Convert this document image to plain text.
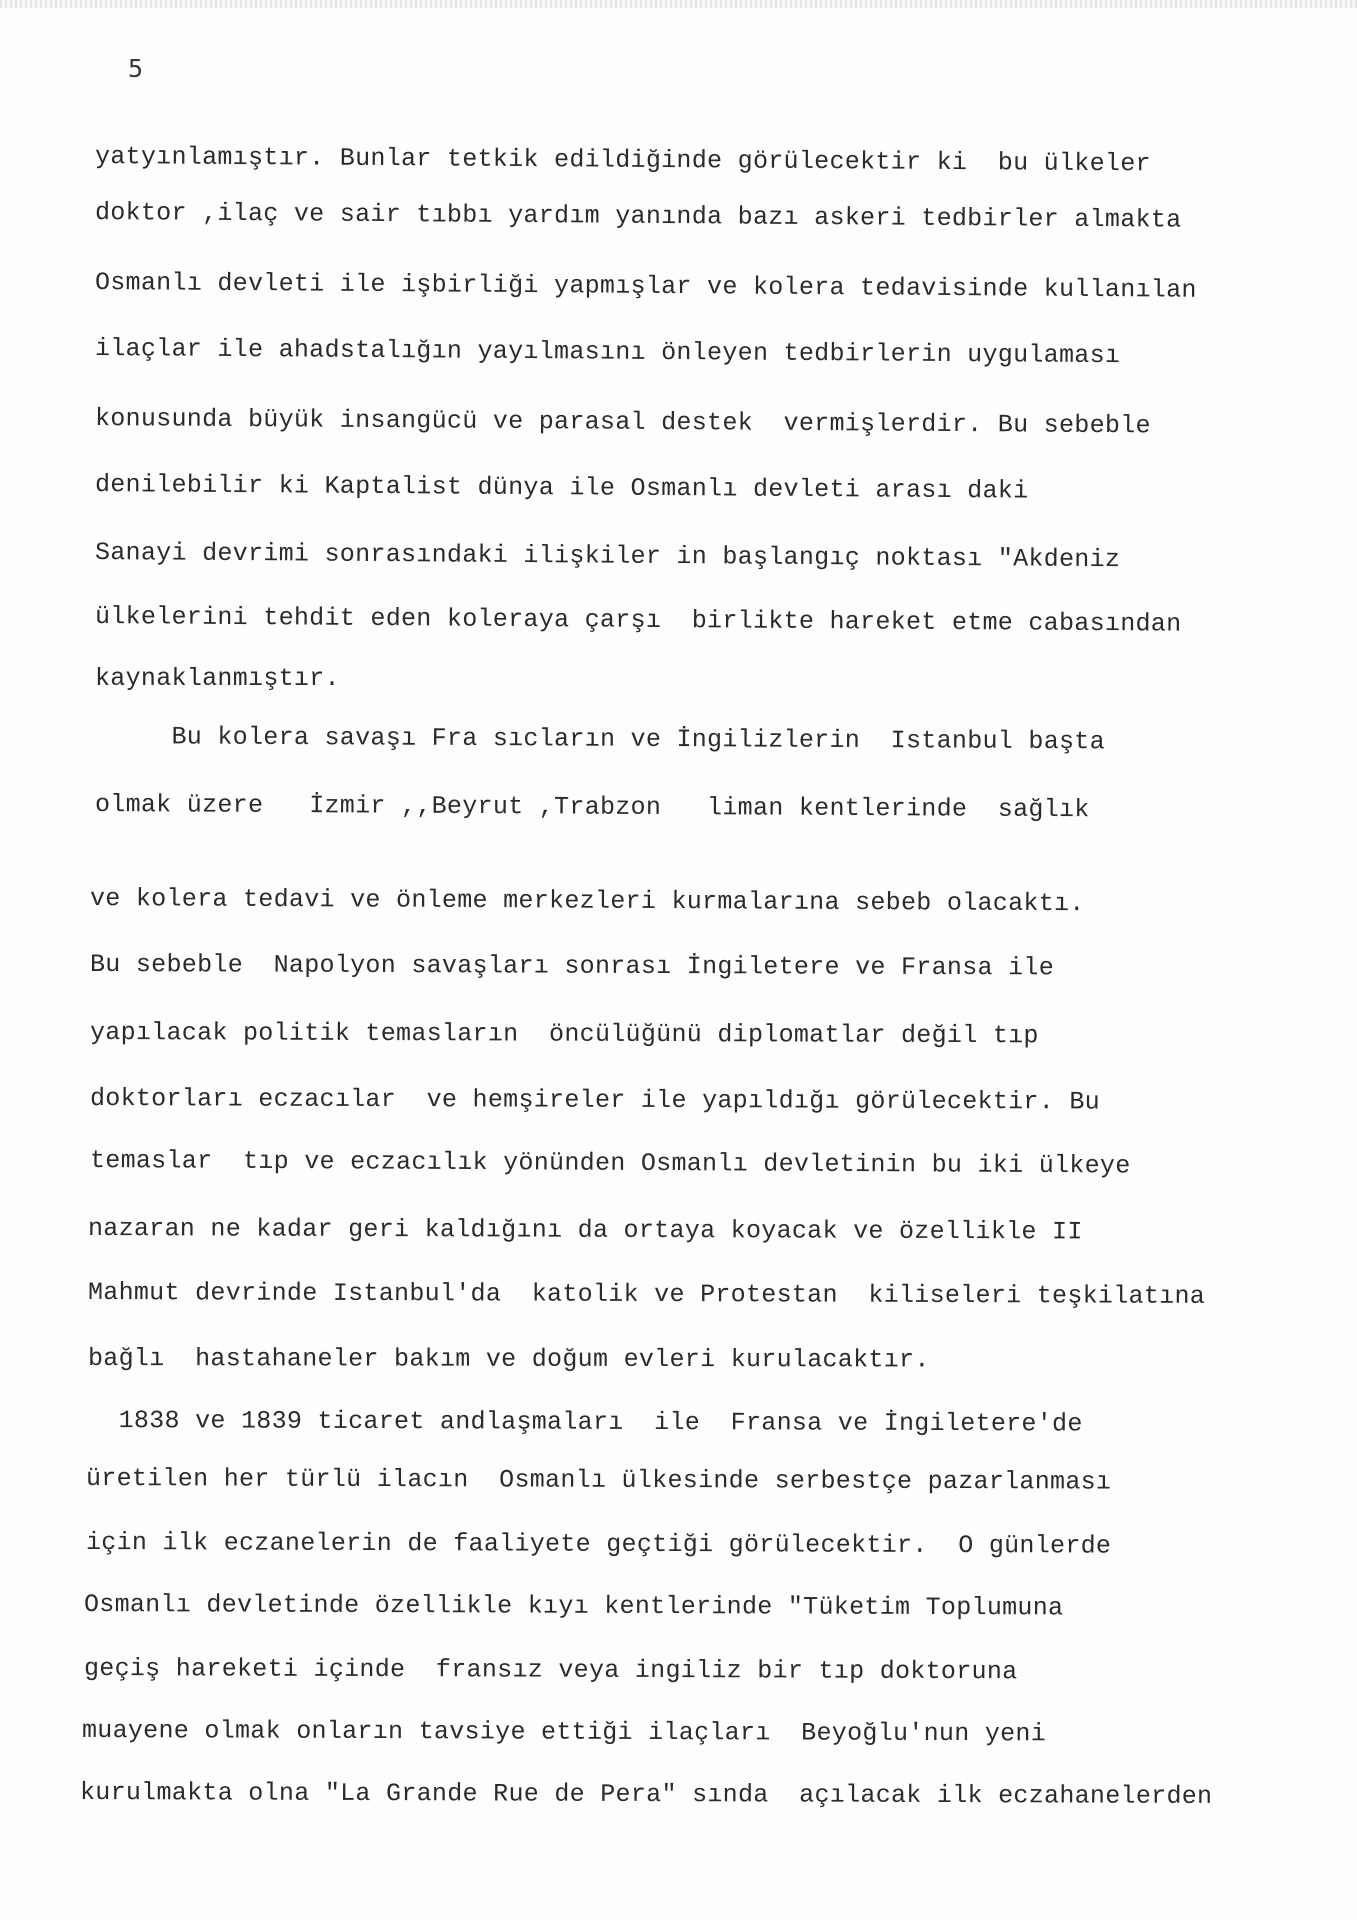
5
yatyınlamıştır. Bunlar tetkik edildiğinde görülecektir ki  bu ülkeler
doktor ,ilaç ve sair tıbbı yardım yanında bazı askeri tedbirler almakta
Osmanlı devleti ile işbirliği yapmışlar ve kolera tedavisinde kullanılan
ilaçlar ile ahadstalığın yayılmasını önleyen tedbirlerin uygulaması
konusunda büyük insangücü ve parasal destek  vermişlerdir. Bu sebeble
denilebilir ki Kaptalist dünya ile Osmanlı devleti arası daki
Sanayi devrimi sonrasındaki ilişkiler in başlangıç noktası "Akdeniz
ülkelerini tehdit eden koleraya çarşı  birlikte hareket etme cabasından
kaynaklanmıştır.
Bu kolera savaşı Fra sıcların ve İngilizlerin  Istanbul başta
olmak üzere   İzmir ,,Beyrut ,Trabzon   liman kentlerinde  sağlık
ve kolera tedavi ve önleme merkezleri kurmalarına sebeb olacaktı.
Bu sebeble  Napolyon savaşları sonrası İngiletere ve Fransa ile
yapılacak politik temasların  öncülüğünü diplomatlar değil tıp
doktorları eczacılar  ve hemşireler ile yapıldığı görülecektir. Bu
temaslar  tıp ve eczacılık yönünden Osmanlı devletinin bu iki ülkeye
nazaran ne kadar geri kaldığını da ortaya koyacak ve özellikle II
Mahmut devrinde Istanbul'da  katolik ve Protestan  kiliseleri teşkilatına
bağlı  hastahaneler bakım ve doğum evleri kurulacaktır.
1838 ve 1839 ticaret andlaşmaları  ile  Fransa ve İngiletere'de
üretilen her türlü ilacın  Osmanlı ülkesinde serbestçe pazarlanması
için ilk eczanelerin de faaliyete geçtiği görülecektir.  O günlerde
Osmanlı devletinde özellikle kıyı kentlerinde "Tüketim Toplumuna
geçiş hareketi içinde  fransız veya ingiliz bir tıp doktoruna
muayene olmak onların tavsiye ettiği ilaçları  Beyoğlu'nun yeni
kurulmakta olna "La Grande Rue de Pera" sında  açılacak ilk eczahanelerden
